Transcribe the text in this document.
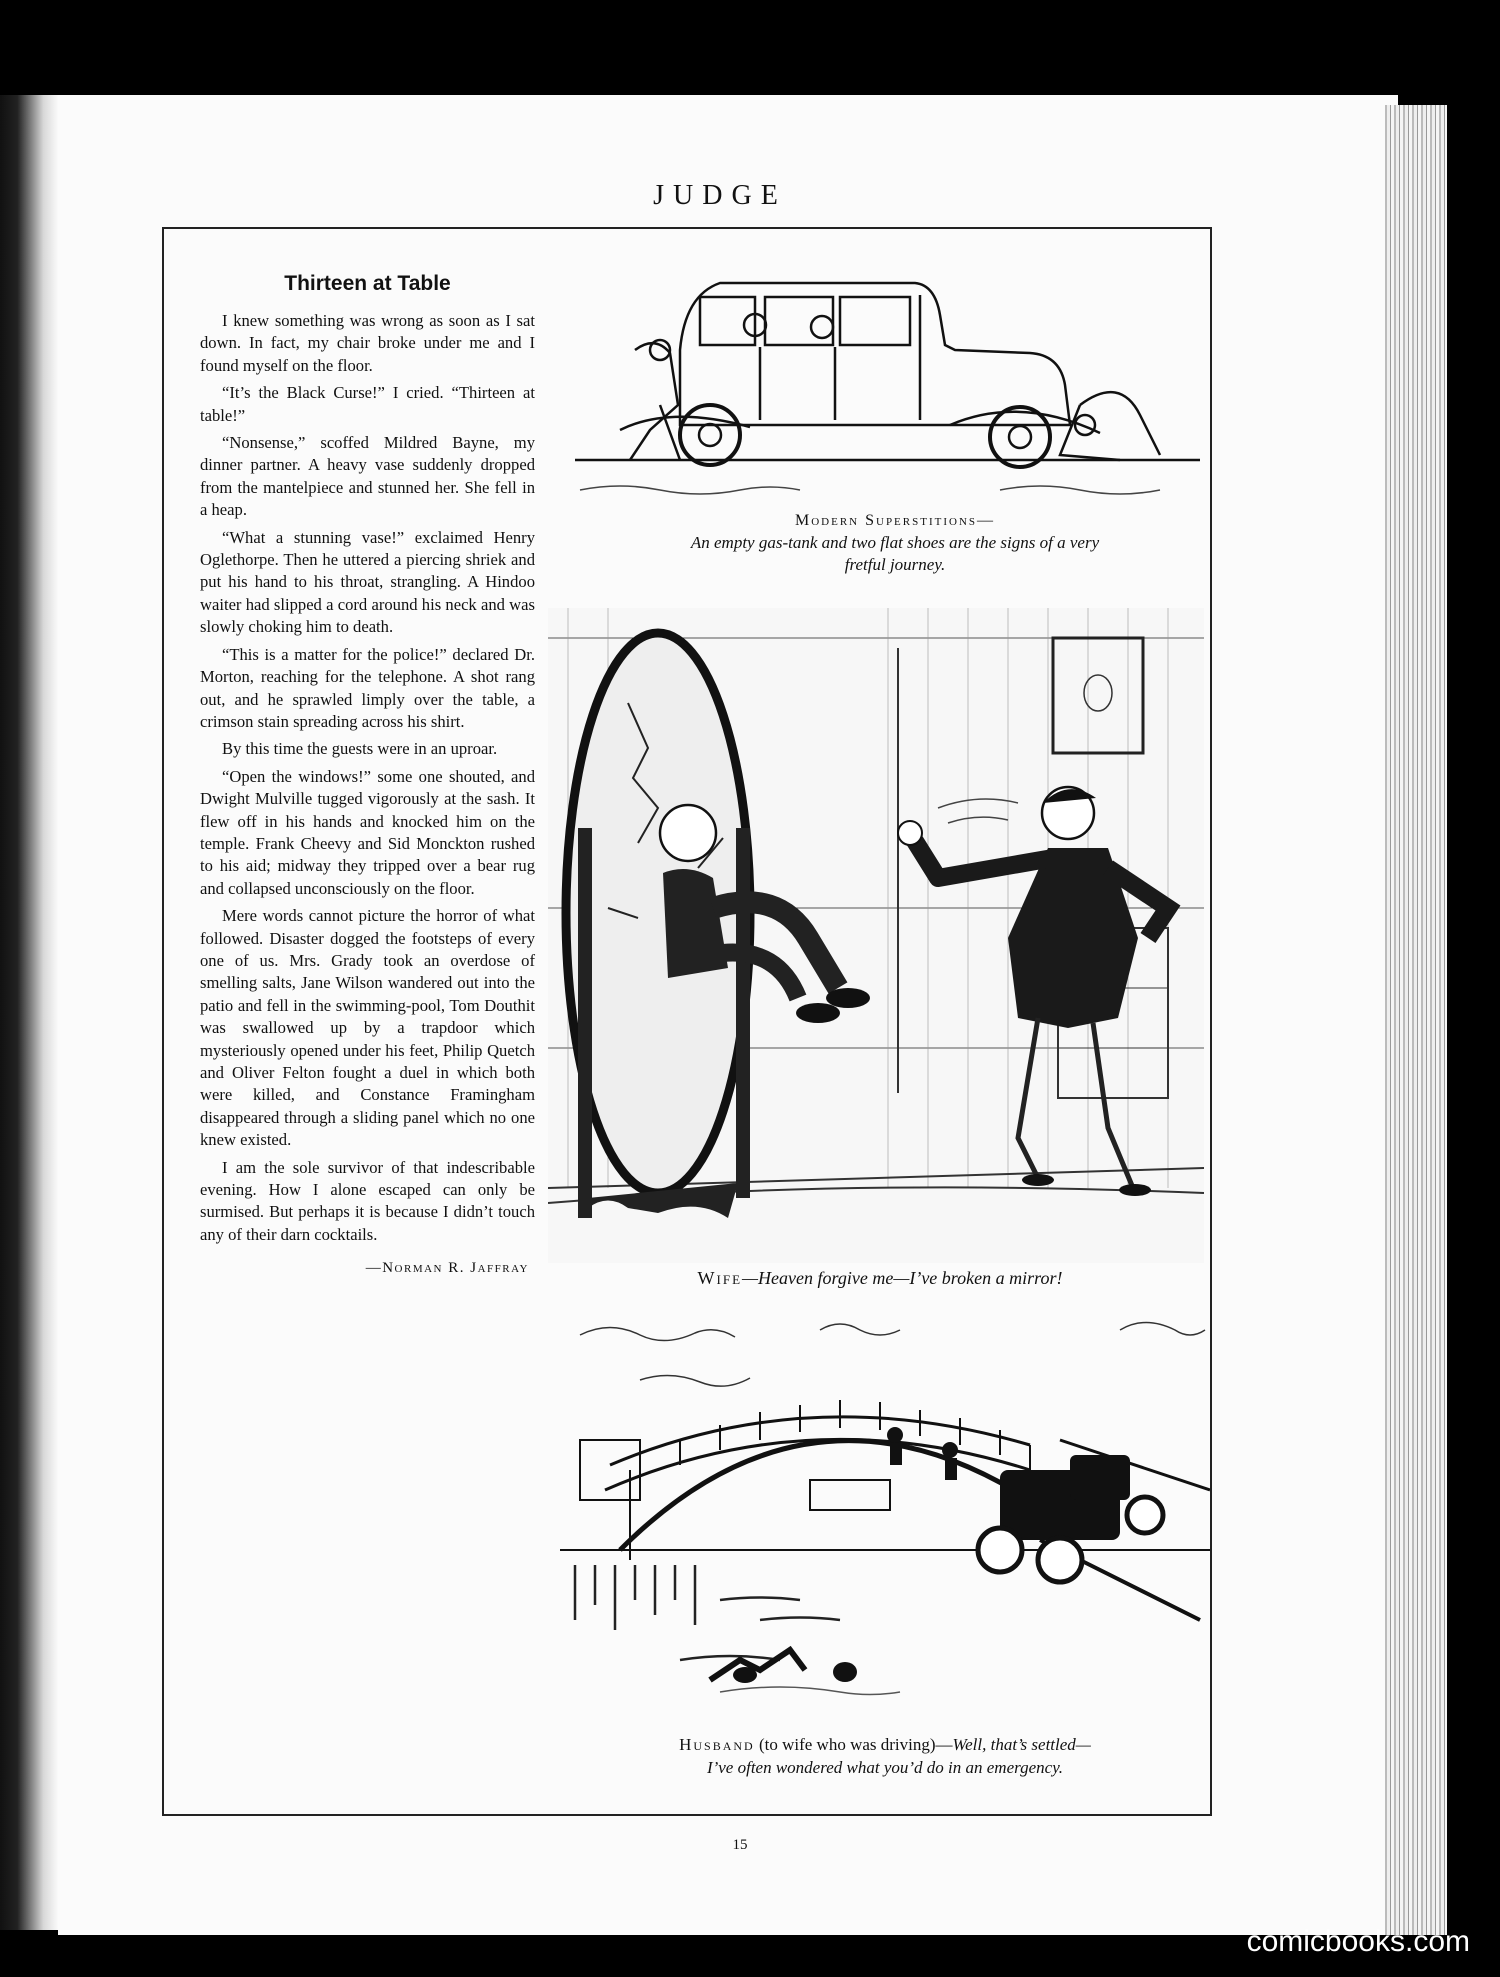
JUDGE
Thirteen at Table

I knew something was wrong as soon as I sat down. In fact, my chair broke under me and I found myself on the floor.

“It’s the Black Curse!” I cried. “Thirteen at table!”

“Nonsense,” scoffed Mildred Bayne, my dinner partner. A heavy vase suddenly dropped from the mantelpiece and stunned her. She fell in a heap.

“What a stunning vase!” exclaimed Henry Oglethorpe. Then he uttered a piercing shriek and put his hand to his throat, strangling. A Hindoo waiter had slipped a cord around his neck and was slowly choking him to death.

“This is a matter for the police!” declared Dr. Morton, reaching for the telephone. A shot rang out, and he sprawled limply over the table, a crimson stain spreading across his shirt.

By this time the guests were in an uproar.

“Open the windows!” some one shouted, and Dwight Mulville tugged vigorously at the sash. It flew off in his hands and knocked him on the temple. Frank Cheevy and Sid Monckton rushed to his aid; midway they tripped over a bear rug and collapsed unconsciously on the floor.

Mere words cannot picture the horror of what followed. Disaster dogged the footsteps of every one of us. Mrs. Grady took an overdose of smelling salts, Jane Wilson wandered out into the patio and fell in the swimming-pool, Tom Douthit was swallowed up by a trapdoor which mysteriously opened under his feet, Philip Quetch and Oliver Felton fought a duel in which both were killed, and Constance Framingham disappeared through a sliding panel which no one knew existed.

I am the sole survivor of that indescribable evening. How I alone escaped can only be surmised. But perhaps it is because I didn’t touch any of their darn cocktails.

—Norman R. Jaffray
Modern Superstitions—
An empty gas-tank and two flat shoes are the signs of a very
fretful journey.
Wife—Heaven forgive me—I’ve broken a mirror!
Husband (to wife who was driving)—Well, that’s settled—
I’ve often wondered what you’d do in an emergency.
15
comicbooks.com
